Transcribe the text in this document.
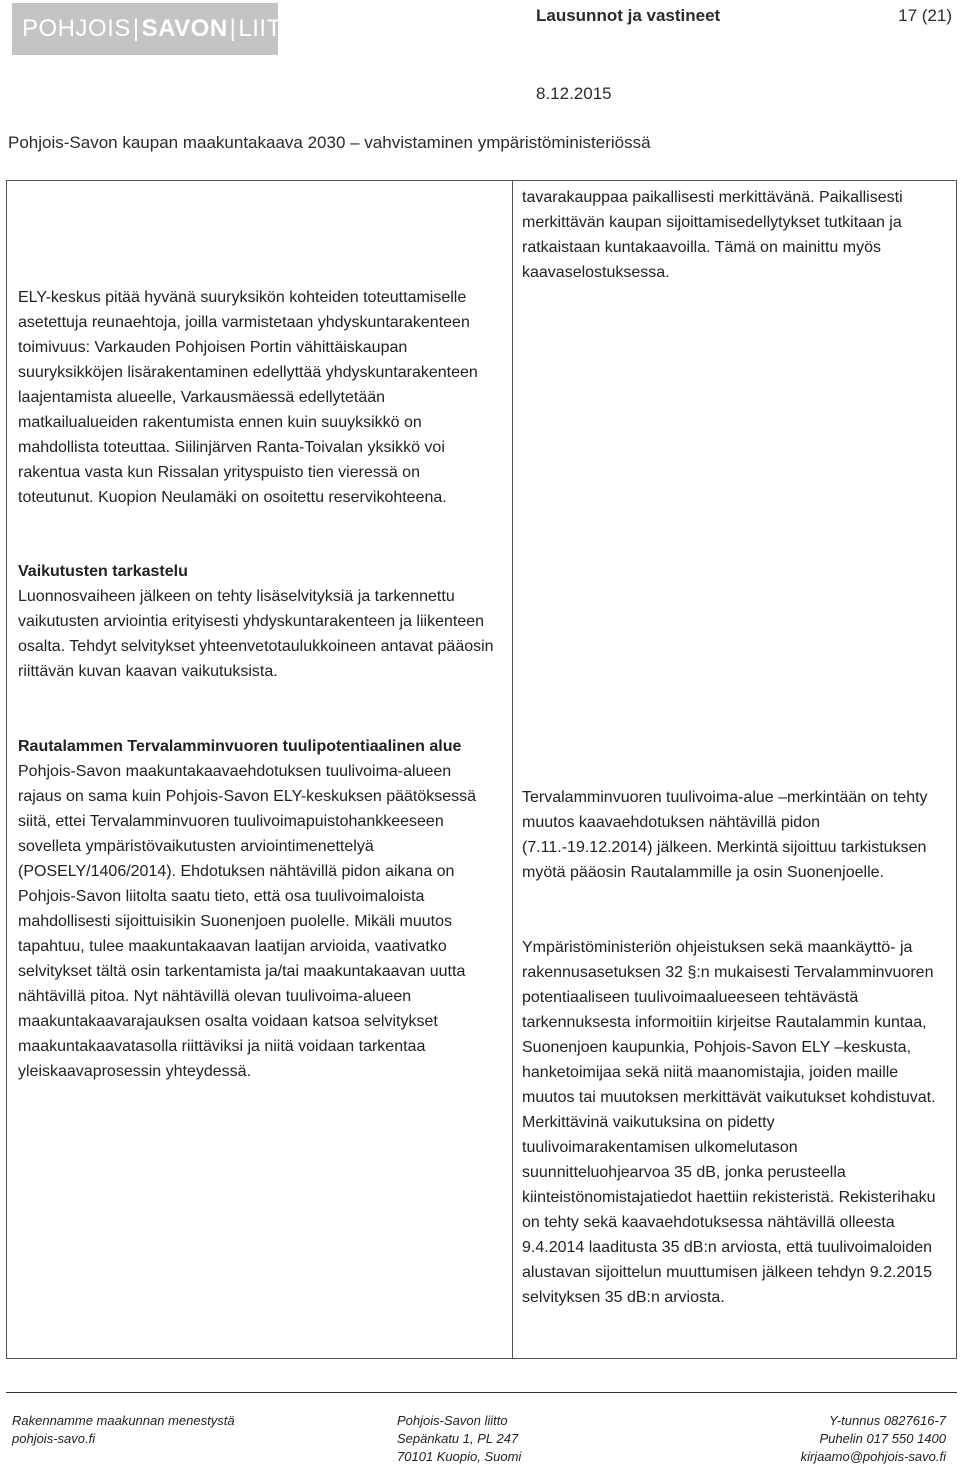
POHJOIS | SAVON | LIITTO	Lausunnot ja vastineet	17 (21)
8.12.2015
Pohjois-Savon kaupan maakuntakaava 2030 – vahvistaminen ympäristöministeriössä

ELY-keskus pitää hyvänä suuryksikön kohteiden toteuttamiselle asetettuja reunaehtoja, joilla varmistetaan yhdyskuntarakenteen toimivuus: Varkauden Pohjoisen Portin vähittäiskaupan suuryksikköjen lisärakentaminen edellyttää yhdyskuntarakenteen laajentamista alueelle, Varkausmäessä edellytetään matkailualueiden rakentumista ennen kuin suuyksikkö on mahdollista toteuttaa. Siilinjärven Ranta-Toivalan yksikkö voi rakentua vasta kun Rissalan yrityspuisto tien vieressä on toteutunut. Kuopion Neulamäki on osoitettu reservikohteena.

Vaikutusten tarkastelu

Luonnosvaiheen jälkeen on tehty lisäselvityksiä ja tarkennettu vaikutusten arviointia erityisesti yhdyskuntarakenteen ja liikenteen osalta. Tehdyt selvitykset yhteenvetotaulukkoineen antavat pääosin riittävän kuvan kaavan vaikutuksista.

Rautalammen Tervalamminvuoren tuulipotentiaalinen alue

Pohjois-Savon maakuntakaavaehdotuksen tuulivoima-alueen rajaus on sama kuin Pohjois-Savon ELY-keskuksen päätöksessä siitä, ettei Tervalamminvuoren tuulivoimapuistohankkeeseen sovelleta ympäristövaikutusten arviointimenettelyä (POSELY/1406/2014). Ehdotuksen nähtävillä pidon aikana on Pohjois-Savon liitolta saatu tieto, että osa tuulivoimaloista mahdollisesti sijoittuisikin Suonenjoen puolelle. Mikäli muutos tapahtuu, tulee maakuntakaavan laatijan arvioida, vaativatko selvitykset tältä osin tarkentamista ja/tai maakuntakaavan uutta nähtävillä pitoa. Nyt nähtävillä olevan tuulivoima-alueen maakuntakaavarajauksen osalta voidaan katsoa selvitykset maakuntakaavatasolla riittäviksi ja niitä voidaan tarkentaa yleiskaavaprosessin yhteydessä.

tavarakauppaa paikallisesti merkittävänä. Paikallisesti merkittävän kaupan sijoittamisedellytykset tutkitaan ja ratkaistaan kuntakaavoilla. Tämä on mainittu myös kaavaselostuksessa.

Tervalamminvuoren tuulivoima-alue –merkintään on tehty muutos kaavaehdotuksen nähtävillä pidon (7.11.-19.12.2014) jälkeen. Merkintä sijoittuu tarkistuksen myötä pääosin Rautalammille ja osin Suonenjoelle.

Ympäristöministeriön ohjeistuksen sekä maankäyttö- ja rakennusasetuksen 32 §:n mukaisesti Tervalamminvuoren potentiaaliseen tuulivoimaalueeseen tehtävästä tarkennuksesta informoitiin kirjeitse Rautalammin kuntaa, Suonenjoen kaupunkia, Pohjois-Savon ELY –keskusta, hanketoimijaa sekä niitä maanomistajia, joiden maille muutos tai muutoksen merkittävät vaikutukset kohdistuvat. Merkittävinä vaikutuksina on pidetty tuulivoimarakentamisen ulkomelutason suunnitteluohjearvoa 35 dB, jonka perusteella kiinteistönomistajatiedot haettiin rekisteristä. Rekisterihaku on tehty sekä kaavaehdotuksessa nähtävillä olleesta 9.4.2014 laaditusta 35 dB:n arviosta, että tuulivoimaloiden alustavan sijoittelun muuttumisen jälkeen tehdyn 9.2.2015 selvityksen 35 dB:n arviosta.

Rakennamme maakunnan menestystä
pohjois-savo.fi
Pohjois-Savon liitto
Sepänkatu 1, PL 247
70101 Kuopio, Suomi
Y-tunnus 0827616-7
Puhelin 017 550 1400
kirjaamo@pohjois-savo.fi
